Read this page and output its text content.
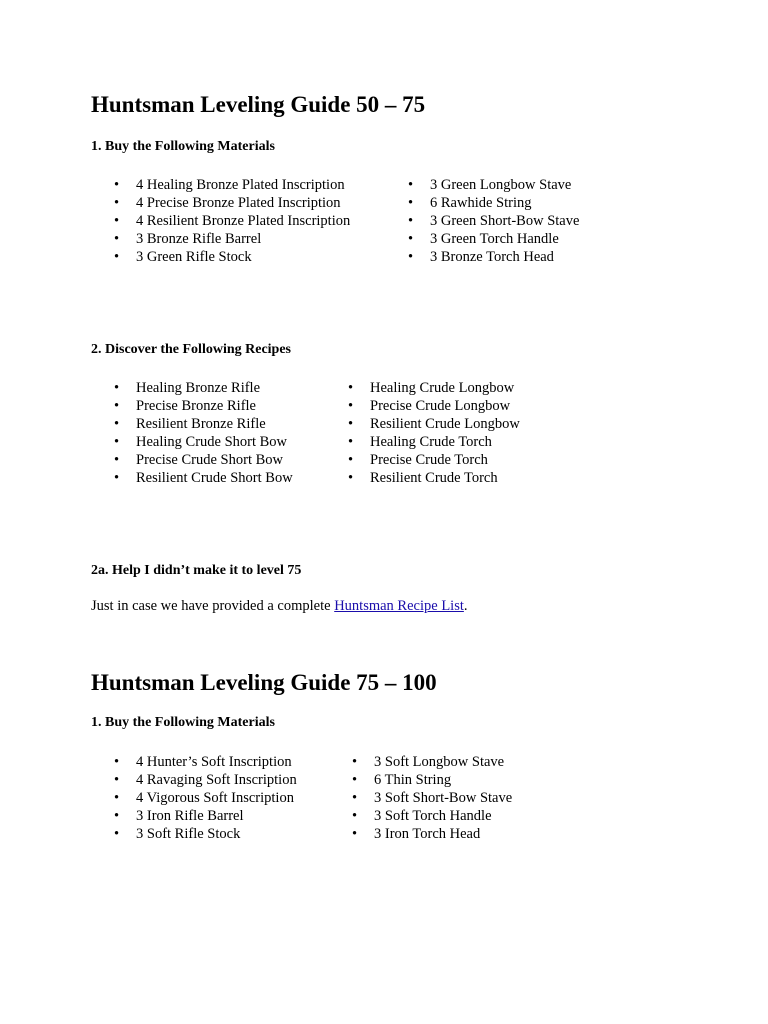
Huntsman Leveling Guide 50 – 75
1. Buy the Following Materials
• 4 Healing Bronze Plated Inscription
• 4 Precise Bronze Plated Inscription
• 4 Resilient Bronze Plated Inscription
• 3 Bronze Rifle Barrel
• 3 Green Rifle Stock
• 3 Green Longbow Stave
• 6 Rawhide String
• 3 Green Short-Bow Stave
• 3 Green Torch Handle
• 3 Bronze Torch Head
2. Discover the Following Recipes
• Healing Bronze Rifle
• Precise Bronze Rifle
• Resilient Bronze Rifle
• Healing Crude Short Bow
• Precise Crude Short Bow
• Resilient Crude Short Bow
• Healing Crude Longbow
• Precise Crude Longbow
• Resilient Crude Longbow
• Healing Crude Torch
• Precise Crude Torch
• Resilient Crude Torch
2a. Help I didn’t make it to level 75

Just in case we have provided a complete Huntsman Recipe List.

Huntsman Leveling Guide 75 – 100
1. Buy the Following Materials
• 4 Hunter’s Soft Inscription
• 4 Ravaging Soft Inscription
• 4 Vigorous Soft Inscription
• 3 Iron Rifle Barrel
• 3 Soft Rifle Stock
• 3 Soft Longbow Stave
• 6 Thin String
• 3 Soft Short-Bow Stave
• 3 Soft Torch Handle
• 3 Iron Torch Head
